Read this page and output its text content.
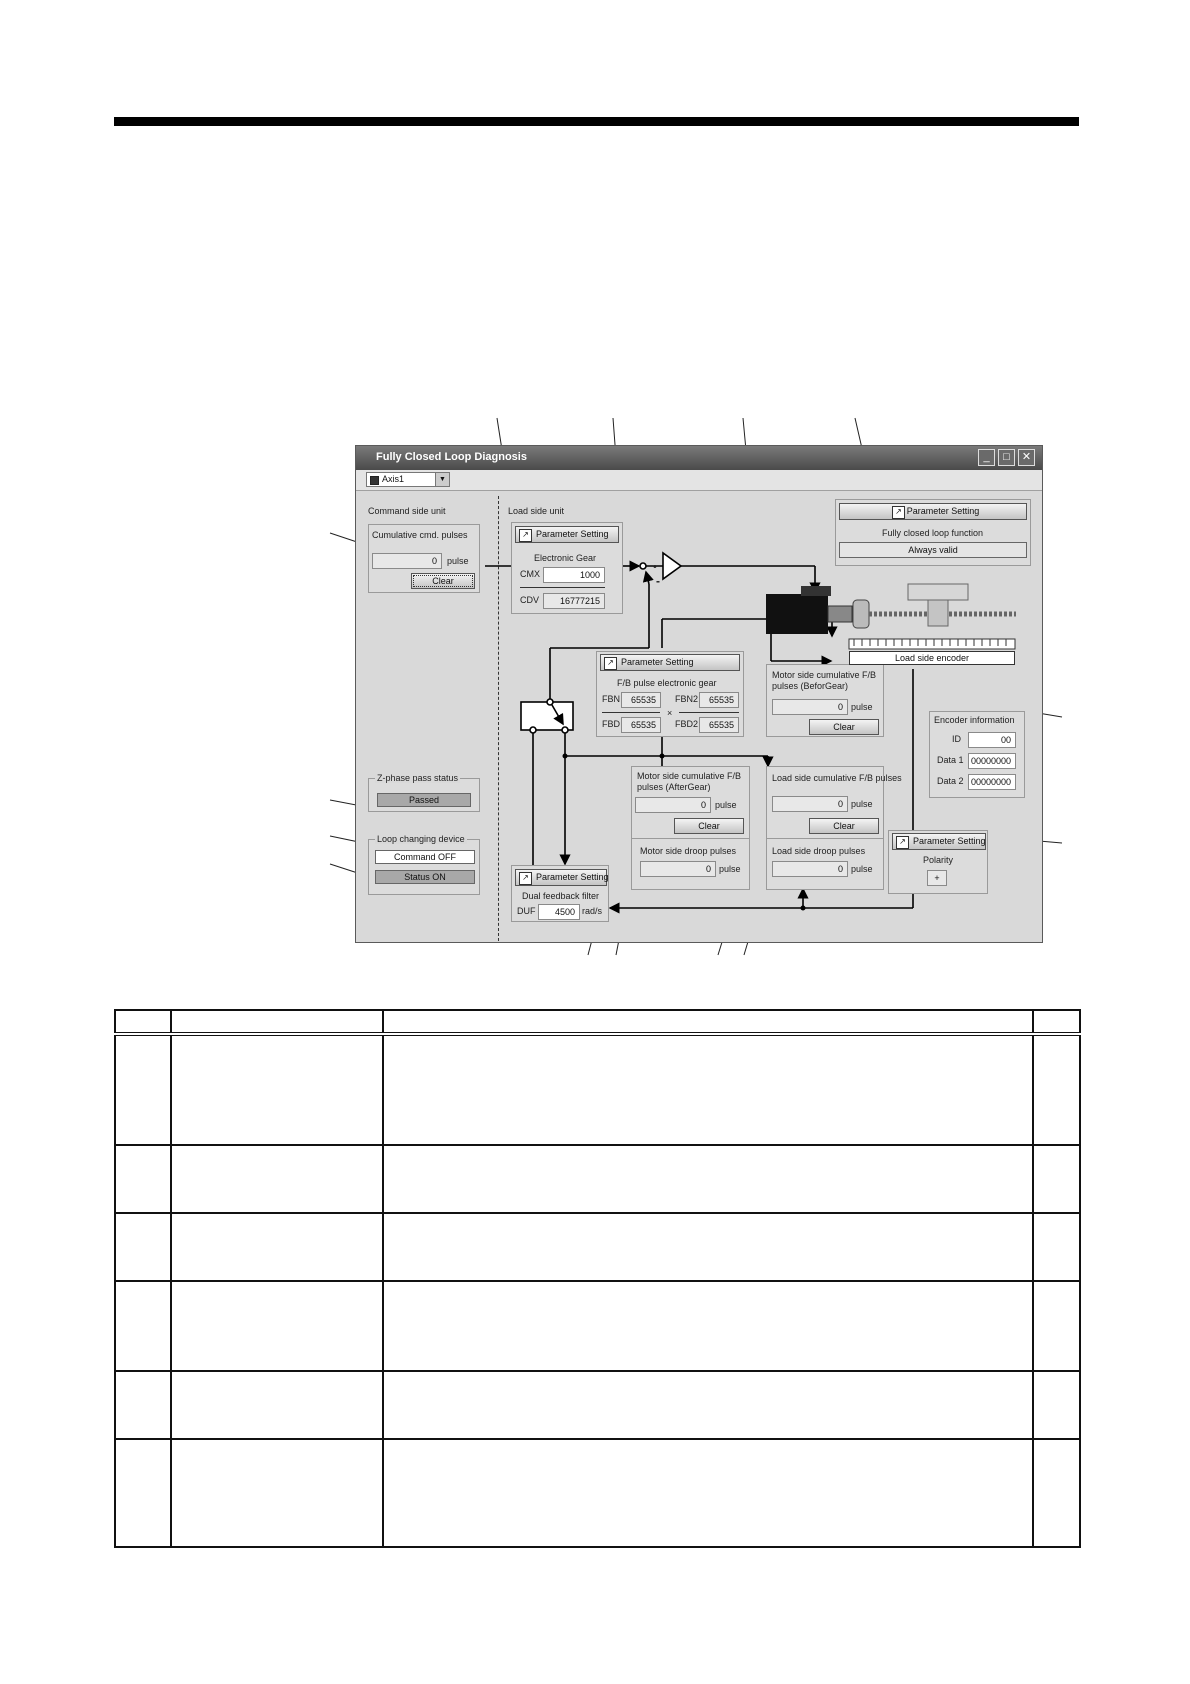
Fully Closed Loop Diagnosis	_	□	✕
Axis1	▼
•
-
Command side unit
Cumulative cmd. pulses
0	pulse
Clear
Z-phase pass status
Passed
Loop changing device
Command OFF
Status ON
Load side unit
↗ Parameter Setting
Electronic Gear
CMX	1000
CDV	16777215
↗ Parameter Setting
F/B pulse electronic gear
FBN	65535	FBN2	65535
×
FBD	65535	FBD2	65535
↗ Parameter Setting
Dual feedback filter
DUF	4500 rad/s
↗ Parameter Setting
Fully closed loop function
Always valid
Motor side cumulative F/B pulses (BeforGear)
0 pulse
Clear
Motor side cumulative F/B pulses (AfterGear)
0	pulse
Clear
Motor side droop pulses
0 pulse
Load side cumulative F/B pulses
0 pulse
Clear
Load side droop pulses
0 pulse
Load side encoder
Encoder information
ID	00
Data 1 00000000
Data 2 00000000
↗ Parameter Setting
Polarity
+
